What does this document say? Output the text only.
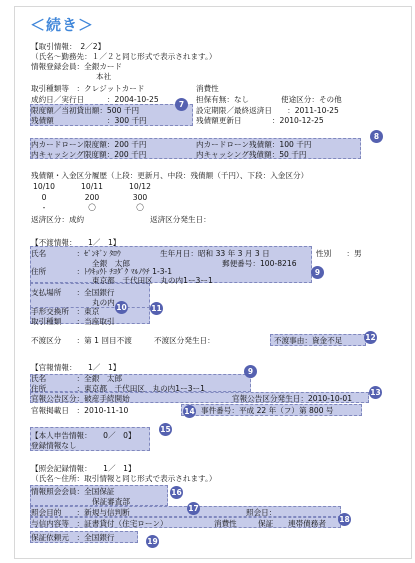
＜続き＞
【取引情報：　2／2】
（氏名～勤務先：１／２と同じ形式で表示されます。）
情報登録会員：全銀カード
本社
取引種類等　：クレジットカード	消費性
成約日／実行日　　　：2004-10-25	担保有無：なし	使途区分：その他
限度額／当初貸出額：500 千円	設定期限／最終返済日　　：2011-10-25
残債額　　　　　　　：300 千円	残債額更新日　　　　：2010-12-25
内カードローン限度額：200 千円	内カードローン残債額：100 千円
内キャッシング限度額：200 千円	内キャッシング残債額：50 千円
残債額・入金区分履歴（上段：更新月、中段：残債額（千円）、下段：入金区分）
10/10	10/11	10/12
0	200	300
-	〇	〇
返済区分：成約	返済区分発生日：
【不渡情報：　　1／　1】
氏名　　　　：ｾﾞﾝｷﾞﾝ ﾀﾛｳ	生年月日：昭和 33 年 3 月 3 日	性別　　：男
全銀　太郎	郵便番号：100-8216
住所　　　　：ﾄｳｷｮｳﾄ ﾁﾖﾀﾞｸ ﾏﾙﾉｳﾁ 1-3-1
東京都　千代田区　丸の内1ー3ー1
支払場所　　：全国銀行
丸の内
手形交換所　：東京
取引種類　　：当座取引
不渡区分　　：第 1 回目不渡	不渡区分発生日：	不渡事由：資金不足
【官報情報：　　1／　1】
氏名　　　　：全銀　太郎
住所　　　　：東京都　千代田区　丸の内1ー3ー1
官報公告区分：破産手続開始	官報公告区分発生日：2010-10-01
官報掲載日　：2010-11-10	事件番号：平成 22 年（フ）第 800 号
【本人申告情報：　　0／　0】
登録情報なし
【照会記録情報：　　1／　1】
（氏名～住所：取引情報と同じ形式で表示されます。）
情報照会会員：全国保証
保証審査部
照会目的　　：新規与信判断	照会日：
与信内容等　：証書貸付（住宅ローン）	消費性	保証 連帯債務者
保証依頼元　：全国銀行
7
8
9
10	11
12
9
13
14
15
16
17
18
19
